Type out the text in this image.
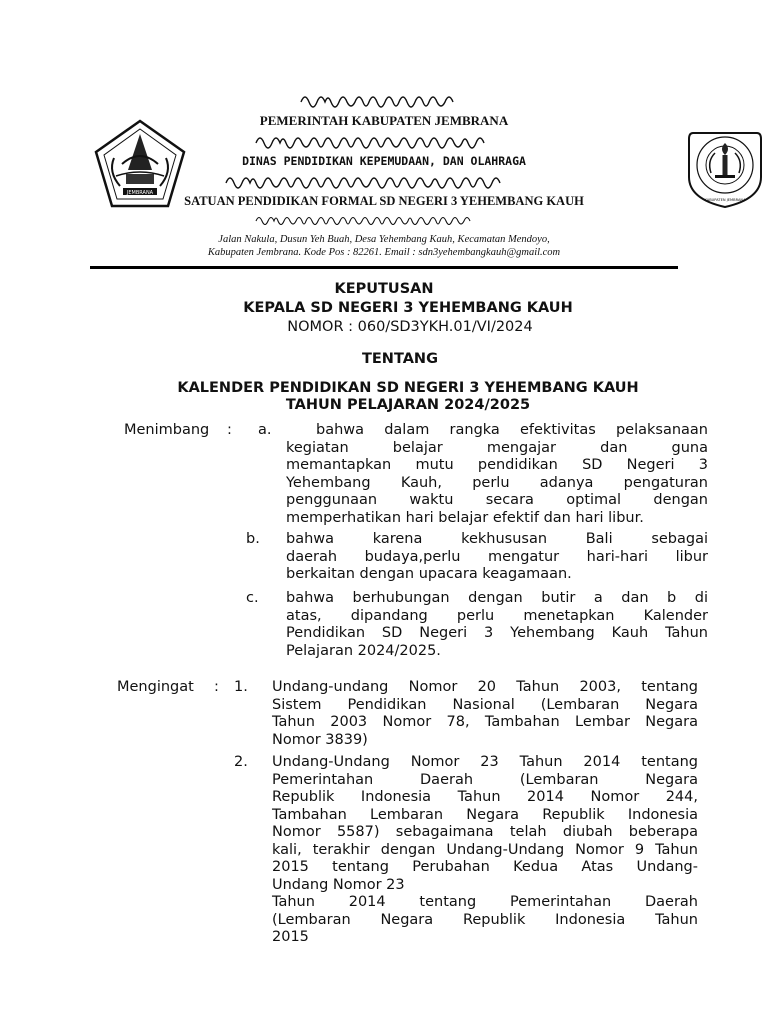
PEMERINTAH KABUPATEN JEMBRANA
DINAS PENDIDIKAN KEPEMUDAAN, DAN OLAHRAGA
SATUAN PENDIDIKAN FORMAL SD NEGERI 3 YEHEMBANG KAUH
Jalan Nakula, Dusun Yeh Buah, Desa Yehembang Kauh, Kecamatan Mendoyo,
Kabupaten Jembrana. Kode Pos : 82261. Email : sdn3yehembangkauh@gmail.com
JEMBRANA
KABUPATEN JEMBRANA
KEPUTUSAN
KEPALA SD NEGERI 3 YEHEMBANG KAUH
NOMOR : 060/SD3YKH.01/VI/2024
TENTANG
KALENDER PENDIDIKAN SD NEGERI 3 YEHEMBANG KAUH
TAHUN PELAJARAN 2024/2025
Menimbang : a.	bahwa dalam rangka efektivitas pelaksanaan
kegiatan belajar mengajar dan guna
memantapkan mutu pendidikan SD Negeri 3
Yehembang Kauh, perlu adanya pengaturan
penggunaan waktu secara optimal dengan
memperhatikan hari belajar efektif dan hari libur.
b. bahwa karena kekhususan Bali sebagai
daerah budaya,perlu mengatur hari-hari libur
berkaitan dengan upacara keagamaan.
c. bahwa berhubungan dengan butir a dan b di
atas, dipandang perlu menetapkan Kalender
Pendidikan SD Negeri 3 Yehembang Kauh Tahun
Pelajaran 2024/2025.
Mengingat : 1. Undang-undang Nomor 20 Tahun 2003, tentang
Sistem Pendidikan Nasional (Lembaran Negara
Tahun 2003 Nomor 78, Tambahan Lembar Negara
Nomor 3839)
2. Undang-Undang Nomor 23 Tahun 2014 tentang
Pemerintahan Daerah (Lembaran Negara
Republik Indonesia Tahun 2014 Nomor 244,
Tambahan Lembaran Negara Republik Indonesia
Nomor 5587) sebagaimana telah diubah beberapa
kali, terakhir dengan Undang-Undang Nomor 9 Tahun
2015 tentang Perubahan Kedua Atas Undang-
Undang Nomor 23
Tahun 2014 tentang Pemerintahan Daerah
(Lembaran Negara Republik Indonesia Tahun
2015
